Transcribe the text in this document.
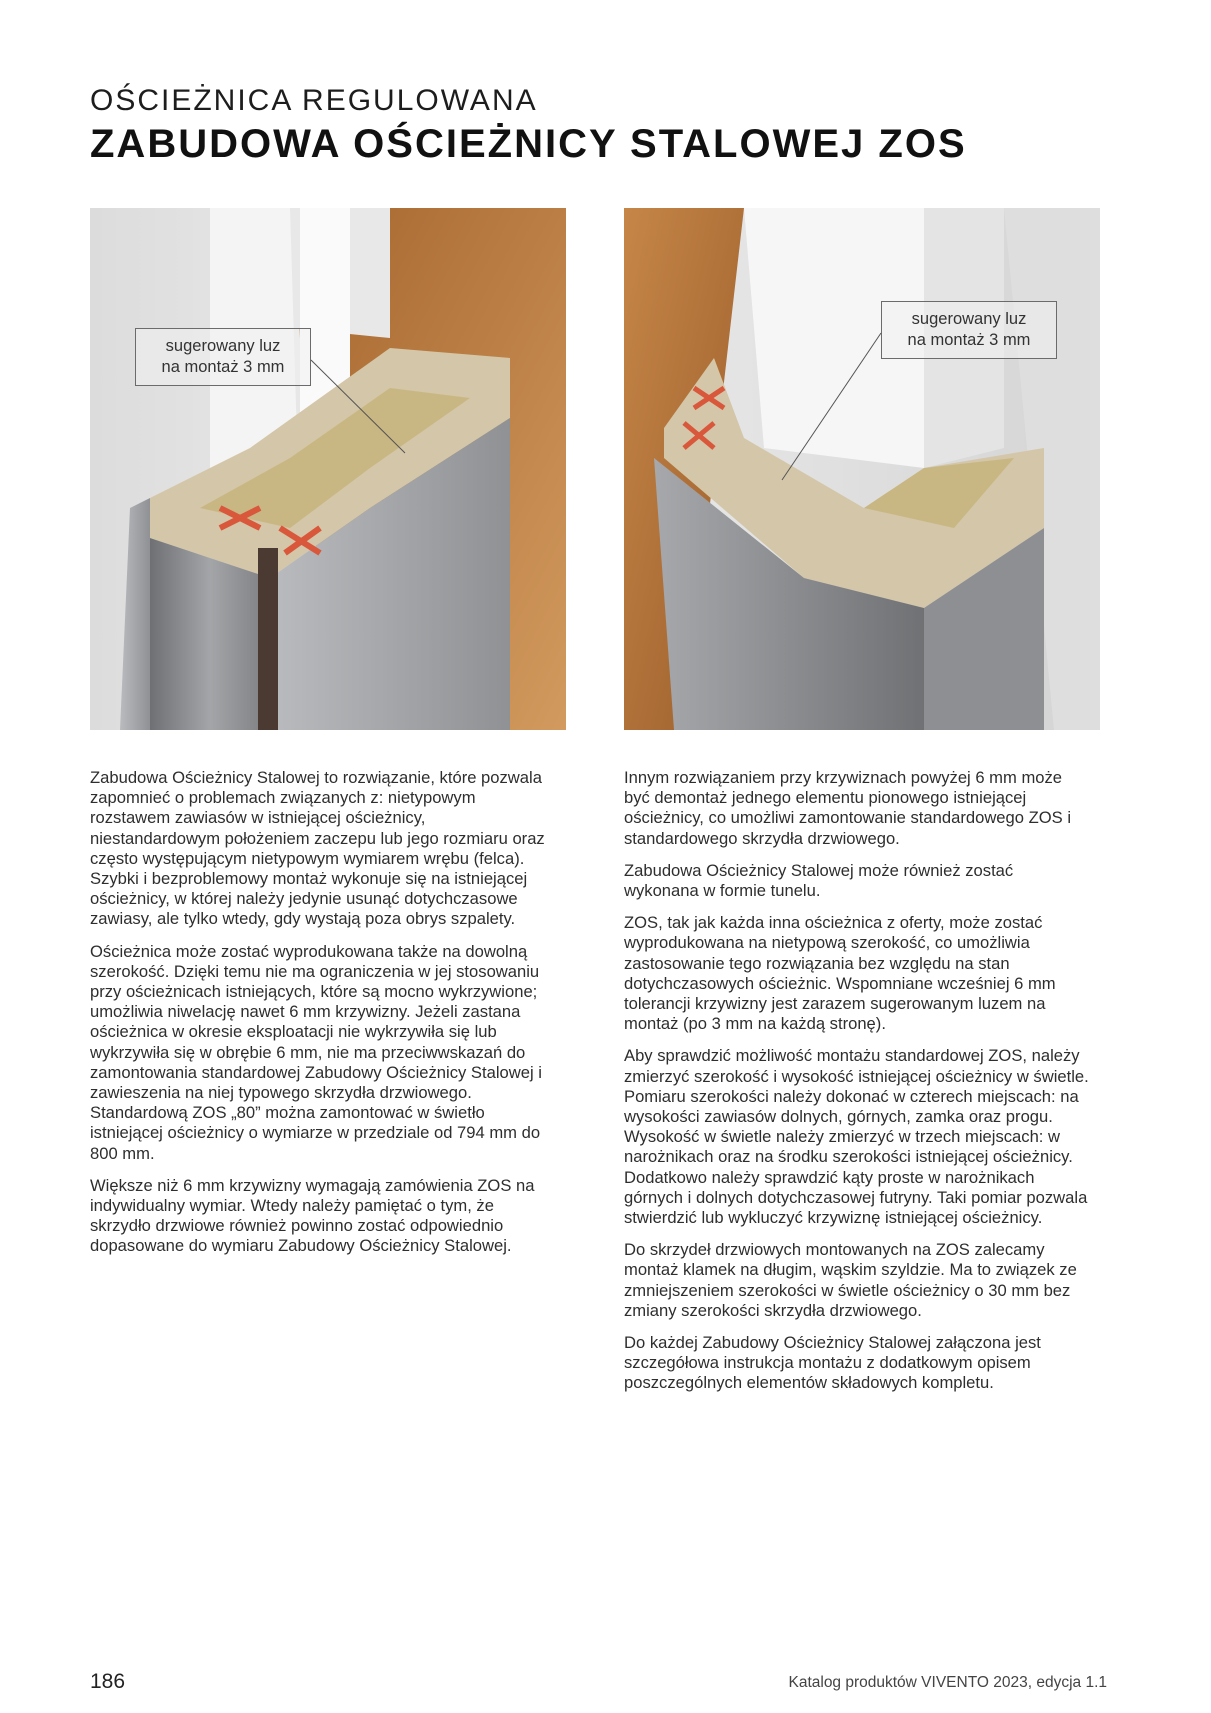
OŚCIEŻNICA REGULOWANA
ZABUDOWA OŚCIEŻNICY STALOWEJ ZOS
sugerowany luz
na montaż 3 mm
sugerowany luz
na montaż 3 mm

Zabudowa Ościeżnicy Stalowej to rozwiązanie, które pozwala zapomnieć o problemach związanych z: nietypowym rozstawem zawiasów w istniejącej ościeżnicy, niestandardowym położeniem zaczepu lub jego rozmiaru oraz często występującym nietypowym wymiarem wrębu (felca). Szybki i bezproblemowy montaż wykonuje się na istniejącej ościeżnicy, w której należy jedynie usunąć dotychczasowe zawiasy, ale tylko wtedy, gdy wystają poza obrys szpalety.

Ościeżnica może zostać wyprodukowana także na dowolną szerokość. Dzięki temu nie ma ograniczenia w jej stosowaniu przy ościeżnicach istniejących, które są mocno wykrzywione; umożliwia niwelację nawet 6 mm krzywizny. Jeżeli zastana ościeżnica w okresie eksploatacji nie wykrzywiła się lub wykrzywiła się w obrębie 6 mm, nie ma przeciwwskazań do zamontowania standardowej Zabudowy Ościeżnicy Stalowej i zawieszenia na niej typowego skrzydła drzwiowego. Standardową ZOS „80” można zamontować w świetło istniejącej ościeżnicy o wymiarze w przedziale od 794 mm do 800 mm.

Większe niż 6 mm krzywizny wymagają zamówienia ZOS na indywidualny wymiar. Wtedy należy pamiętać o tym, że skrzydło drzwiowe również powinno zostać odpowiednio dopasowane do wymiaru Zabudowy Ościeżnicy Stalowej.

Innym rozwiązaniem przy krzywiznach powyżej 6 mm może być demontaż jednego elementu pionowego istniejącej ościeżnicy, co umożliwi zamontowanie standardowego ZOS i standardowego skrzydła drzwiowego.

Zabudowa Ościeżnicy Stalowej może również zostać wykonana w formie tunelu.

ZOS, tak jak każda inna ościeżnica z oferty, może zostać wyprodukowana na nietypową szerokość, co umożliwia zastosowanie tego rozwiązania bez względu na stan dotychczasowych ościeżnic. Wspomniane wcześniej 6 mm tolerancji krzywizny jest zarazem sugerowanym luzem na montaż (po 3 mm na każdą stronę).

Aby sprawdzić możliwość montażu standardowej ZOS, należy zmierzyć szerokość i wysokość istniejącej ościeżnicy w świetle. Pomiaru szerokości należy dokonać w czterech miejscach: na wysokości zawiasów dolnych, górnych, zamka oraz progu. Wysokość w świetle należy zmierzyć w trzech miejscach: w narożnikach oraz na środku szerokości istniejącej ościeżnicy. Dodatkowo należy sprawdzić kąty proste w narożnikach górnych i dolnych dotychczasowej futryny. Taki pomiar pozwala stwierdzić lub wykluczyć krzywiznę istniejącej ościeżnicy.

Do skrzydeł drzwiowych montowanych na ZOS zalecamy montaż klamek na długim, wąskim szyldzie. Ma to związek ze zmniejszeniem szerokości w świetle ościeżnicy o 30 mm bez zmiany szerokości skrzydła drzwiowego.

Do każdej Zabudowy Ościeżnicy Stalowej załączona jest szczegółowa instrukcja montażu z dodatkowym opisem poszczególnych elementów składowych kompletu.

186	Katalog produktów VIVENTO 2023, edycja 1.1
